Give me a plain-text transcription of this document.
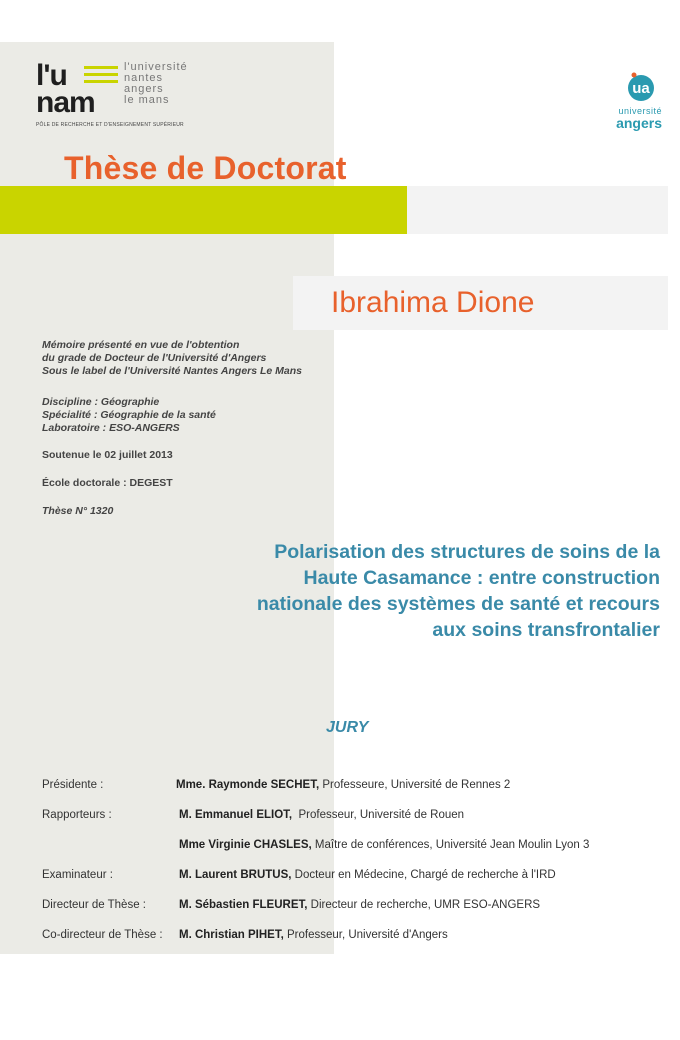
l'u
nam
l'université
nantes
angers
le mans
PÔLE DE RECHERCHE ET D'ENSEIGNEMENT SUPÉRIEUR
ua
université
angers
Thèse de Doctorat
Ibrahima Dione
Mémoire présenté en vue de l'obtention
du grade de Docteur de l'Université d'Angers
Sous le label de l'Université Nantes Angers Le Mans
Discipline : Géographie
Spécialité : Géographie de la santé
Laboratoire : ESO-ANGERS
Soutenue le 02 juillet 2013
École doctorale : DEGEST
Thèse N° 1320
Polarisation des structures de soins de la
Haute Casamance : entre construction
nationale des systèmes de santé et recours
aux soins transfrontalier
JURY
Présidente :	Mme. Raymonde SECHET, Professeure, Université de Rennes 2
Rapporteurs :	M. Emmanuel ELIOT,  Professeur, Université de Rouen
Mme Virginie CHASLES, Maître de conférences, Université Jean Moulin Lyon 3
Examinateur :	M. Laurent BRUTUS, Docteur en Médecine, Chargé de recherche à l'IRD
Directeur de Thèse :	M. Sébastien FLEURET, Directeur de recherche, UMR ESO-ANGERS
Co-directeur de Thèse : M. Christian PIHET, Professeur, Université d'Angers
